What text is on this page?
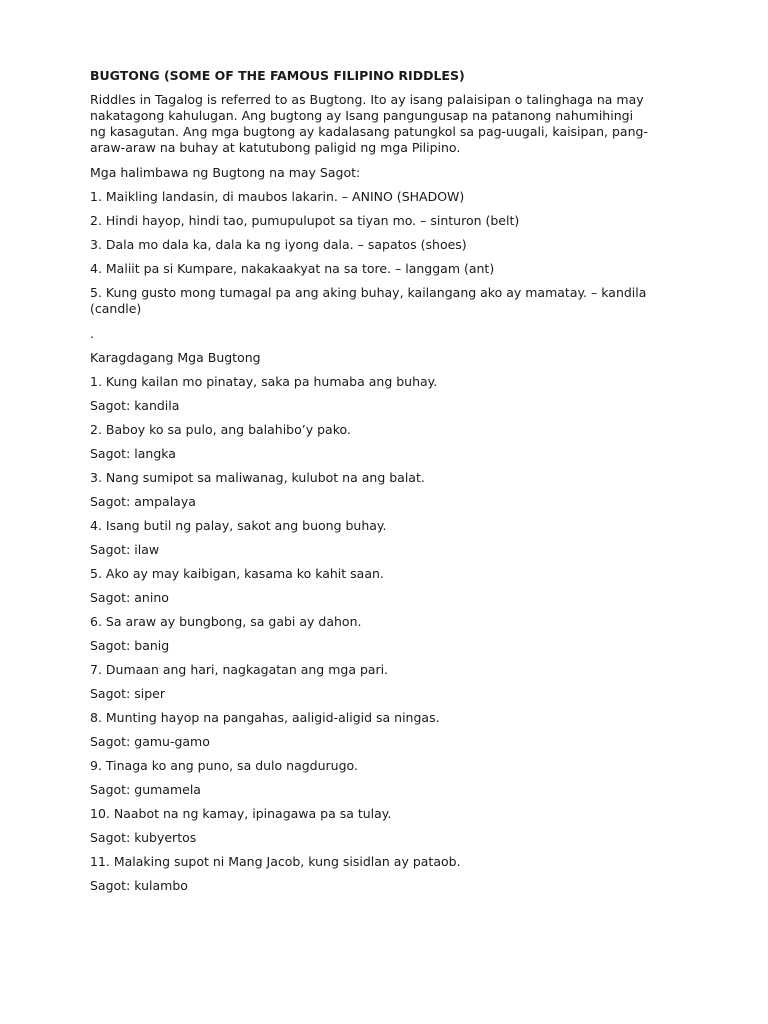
BUGTONG (SOME OF THE FAMOUS FILIPINO RIDDLES)

Riddles in Tagalog is referred to as Bugtong. Ito ay isang palaisipan o talinghaga na may nakatagong kahulugan. Ang bugtong ay Isang pangungusap na patanong nahumihingi ng kasagutan. Ang mga bugtong ay kadalasang patungkol sa pag-uugali, kaisipan, pang-araw-araw na buhay at katutubong paligid ng mga Pilipino.

Mga halimbawa ng Bugtong na may Sagot:

1. Maikling landasin, di maubos lakarin. – ANINO (SHADOW)

2. Hindi hayop, hindi tao, pumupulupot sa tiyan mo. – sinturon (belt)

3. Dala mo dala ka, dala ka ng iyong dala. – sapatos (shoes)

4. Maliit pa si Kumpare, nakakaakyat na sa tore. – langgam (ant)

5. Kung gusto mong tumagal pa ang aking buhay, kailangang ako ay mamatay. – kandila (candle)

.

Karagdagang Mga Bugtong

1. Kung kailan mo pinatay, saka pa humaba ang buhay.

Sagot: kandila

2. Baboy ko sa pulo, ang balahibo’y pako.

Sagot: langka

3. Nang sumipot sa maliwanag, kulubot na ang balat.

Sagot: ampalaya

4. Isang butil ng palay, sakot ang buong buhay.

Sagot: ilaw

5. Ako ay may kaibigan, kasama ko kahit saan.

Sagot: anino

6. Sa araw ay bungbong, sa gabi ay dahon.

Sagot: banig

7. Dumaan ang hari, nagkagatan ang mga pari.

Sagot: siper

8. Munting hayop na pangahas, aaligid-aligid sa ningas.

Sagot: gamu-gamo

9. Tinaga ko ang puno, sa dulo nagdurugo.

Sagot: gumamela

10. Naabot na ng kamay, ipinagawa pa sa tulay.

Sagot: kubyertos

11. Malaking supot ni Mang Jacob, kung sisidlan ay pataob.

Sagot: kulambo
